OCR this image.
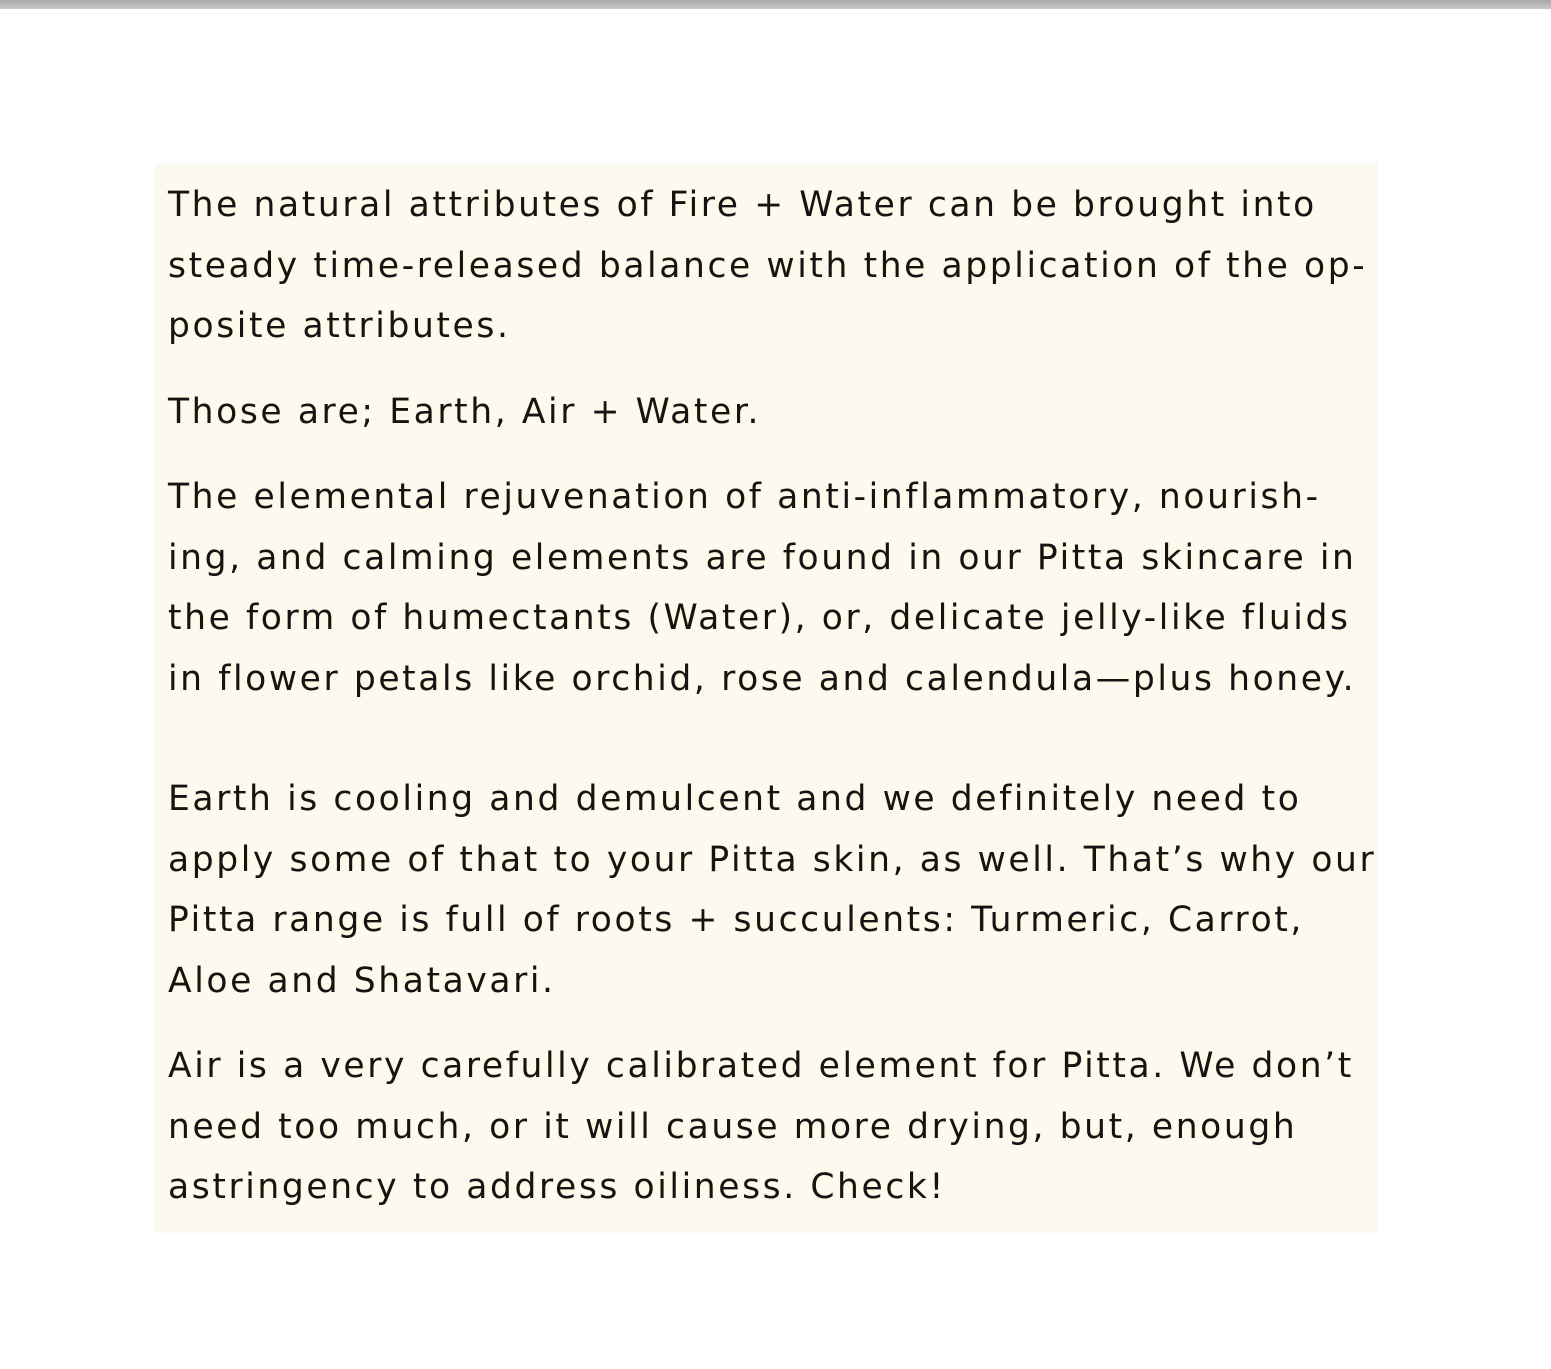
The natural attributes of Fire + Water can be brought into
steady time-released balance with the application of the op-
posite attributes.
Those are; Earth, Air + Water.
The elemental rejuvenation of anti-inflammatory, nourish-
ing, and calming elements are found in our Pitta skincare in
the form of humectants (Water), or, delicate jelly-like fluids
in flower petals like orchid, rose and calendula—plus honey.
Earth is cooling and demulcent and we definitely need to
apply some of that to your Pitta skin, as well. That’s why our
Pitta range is full of roots + succulents: Turmeric, Carrot,
Aloe and Shatavari.
Air is a very carefully calibrated element for Pitta. We don’t
need too much, or it will cause more drying, but, enough
astringency to address oiliness. Check!
